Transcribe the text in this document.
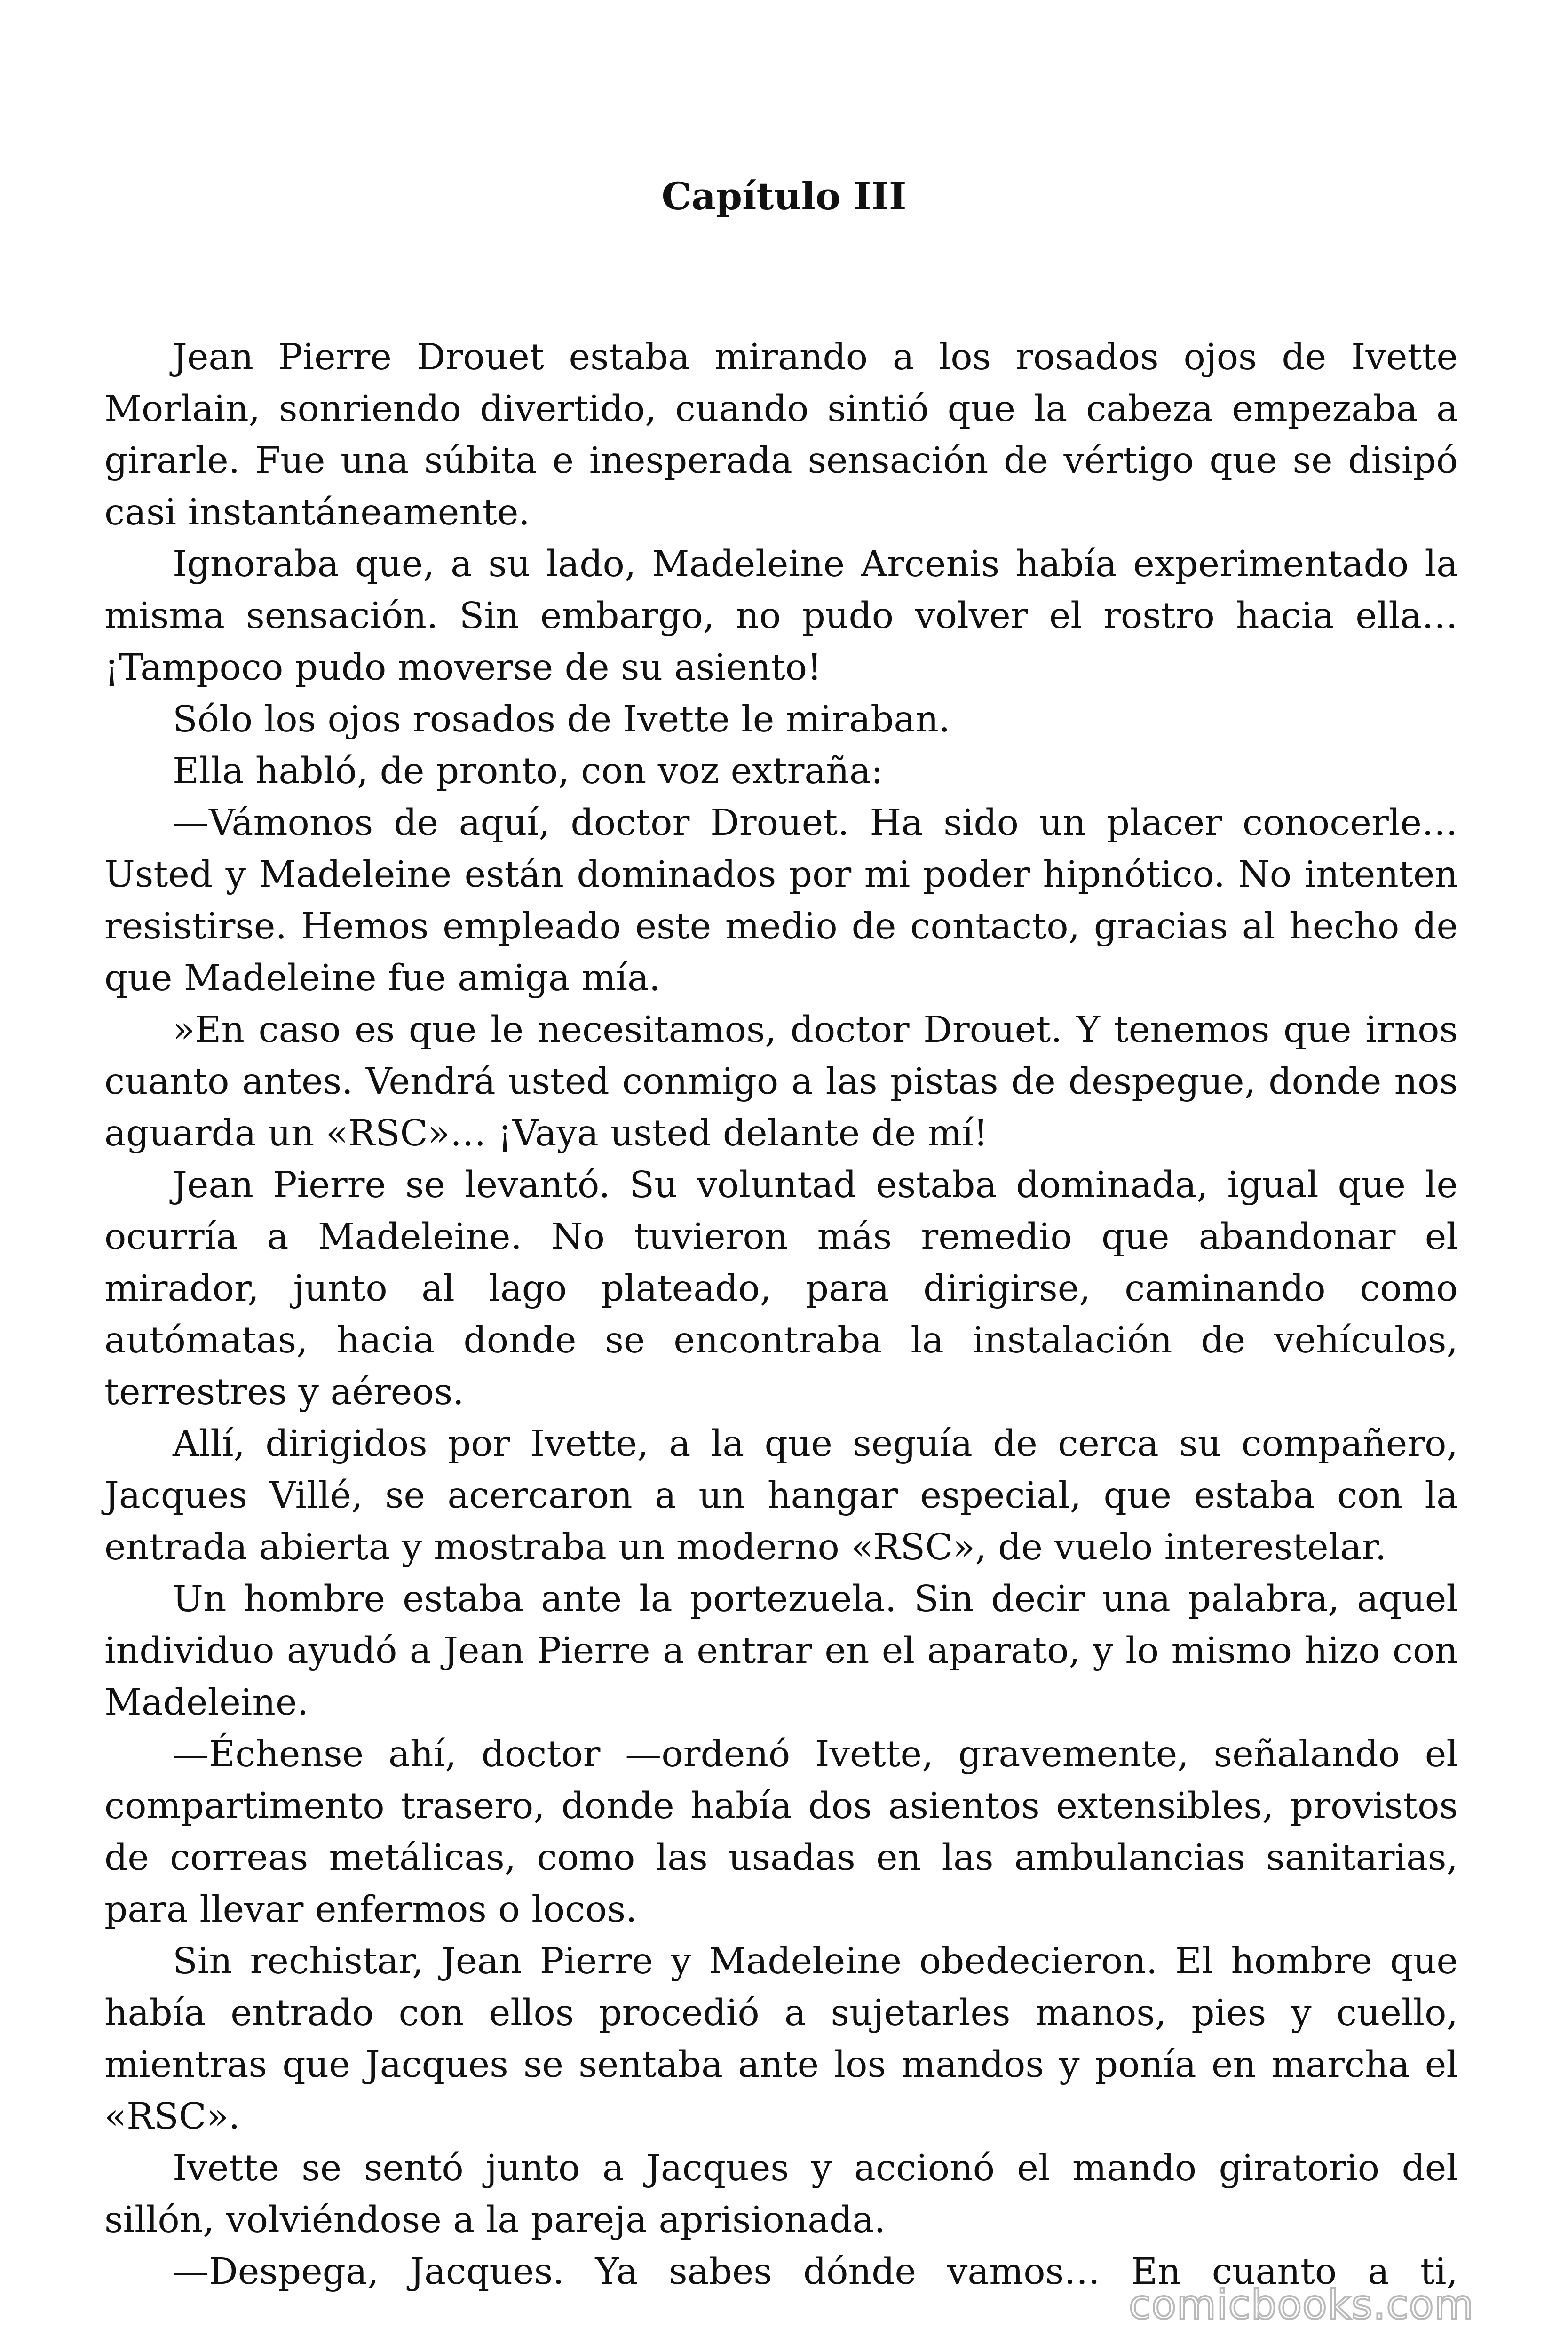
Capítulo III

Jean Pierre Drouet estaba mirando a los rosados ojos de Ivette Morlain, sonriendo divertido, cuando sintió que la cabeza empezaba a girarle. Fue una súbita e inesperada sensación de vértigo que se disipó casi instantáneamente.

Ignoraba que, a su lado, Madeleine Arcenis había experimentado la misma sensación. Sin embargo, no pudo volver el rostro hacia ella… ¡Tampoco pudo moverse de su asiento!

Sólo los ojos rosados de Ivette le miraban.

Ella habló, de pronto, con voz extraña:

—Vámonos de aquí, doctor Drouet. Ha sido un placer conocerle… Usted y Madeleine están dominados por mi poder hipnótico. No intenten resistirse. Hemos empleado este medio de contacto, gracias al hecho de que Madeleine fue amiga mía.

»En caso es que le necesitamos, doctor Drouet. Y tenemos que irnos cuanto antes. Vendrá usted conmigo a las pistas de despegue, donde nos aguarda un «RSC»… ¡Vaya usted delante de mí!

Jean Pierre se levantó. Su voluntad estaba dominada, igual que le ocurría a Madeleine. No tuvieron más remedio que abandonar el mirador, junto al lago plateado, para dirigirse, caminando como autómatas, hacia donde se encontraba la instalación de vehículos, terrestres y aéreos.

Allí, dirigidos por Ivette, a la que seguía de cerca su compañero, Jacques Villé, se acercaron a un hangar especial, que estaba con la entrada abierta y mostraba un moderno «RSC», de vuelo interestelar.

Un hombre estaba ante la portezuela. Sin decir una palabra, aquel individuo ayudó a Jean Pierre a entrar en el aparato, y lo mismo hizo con Madeleine.

—Échense ahí, doctor —ordenó Ivette, gravemente, señalando el compartimento trasero, donde había dos asientos extensibles, provistos de correas metálicas, como las usadas en las ambulancias sanitarias, para llevar enfermos o locos.

Sin rechistar, Jean Pierre y Madeleine obedecieron. El hombre que había entrado con ellos procedió a sujetarles manos, pies y cuello, mientras que Jacques se sentaba ante los mandos y ponía en marcha el «RSC».

Ivette se sentó junto a Jacques y accionó el mando giratorio del sillón, volviéndose a la pareja aprisionada.

—Despega, Jacques. Ya sabes dónde vamos… En cuanto a ti,

comicbooks.com
